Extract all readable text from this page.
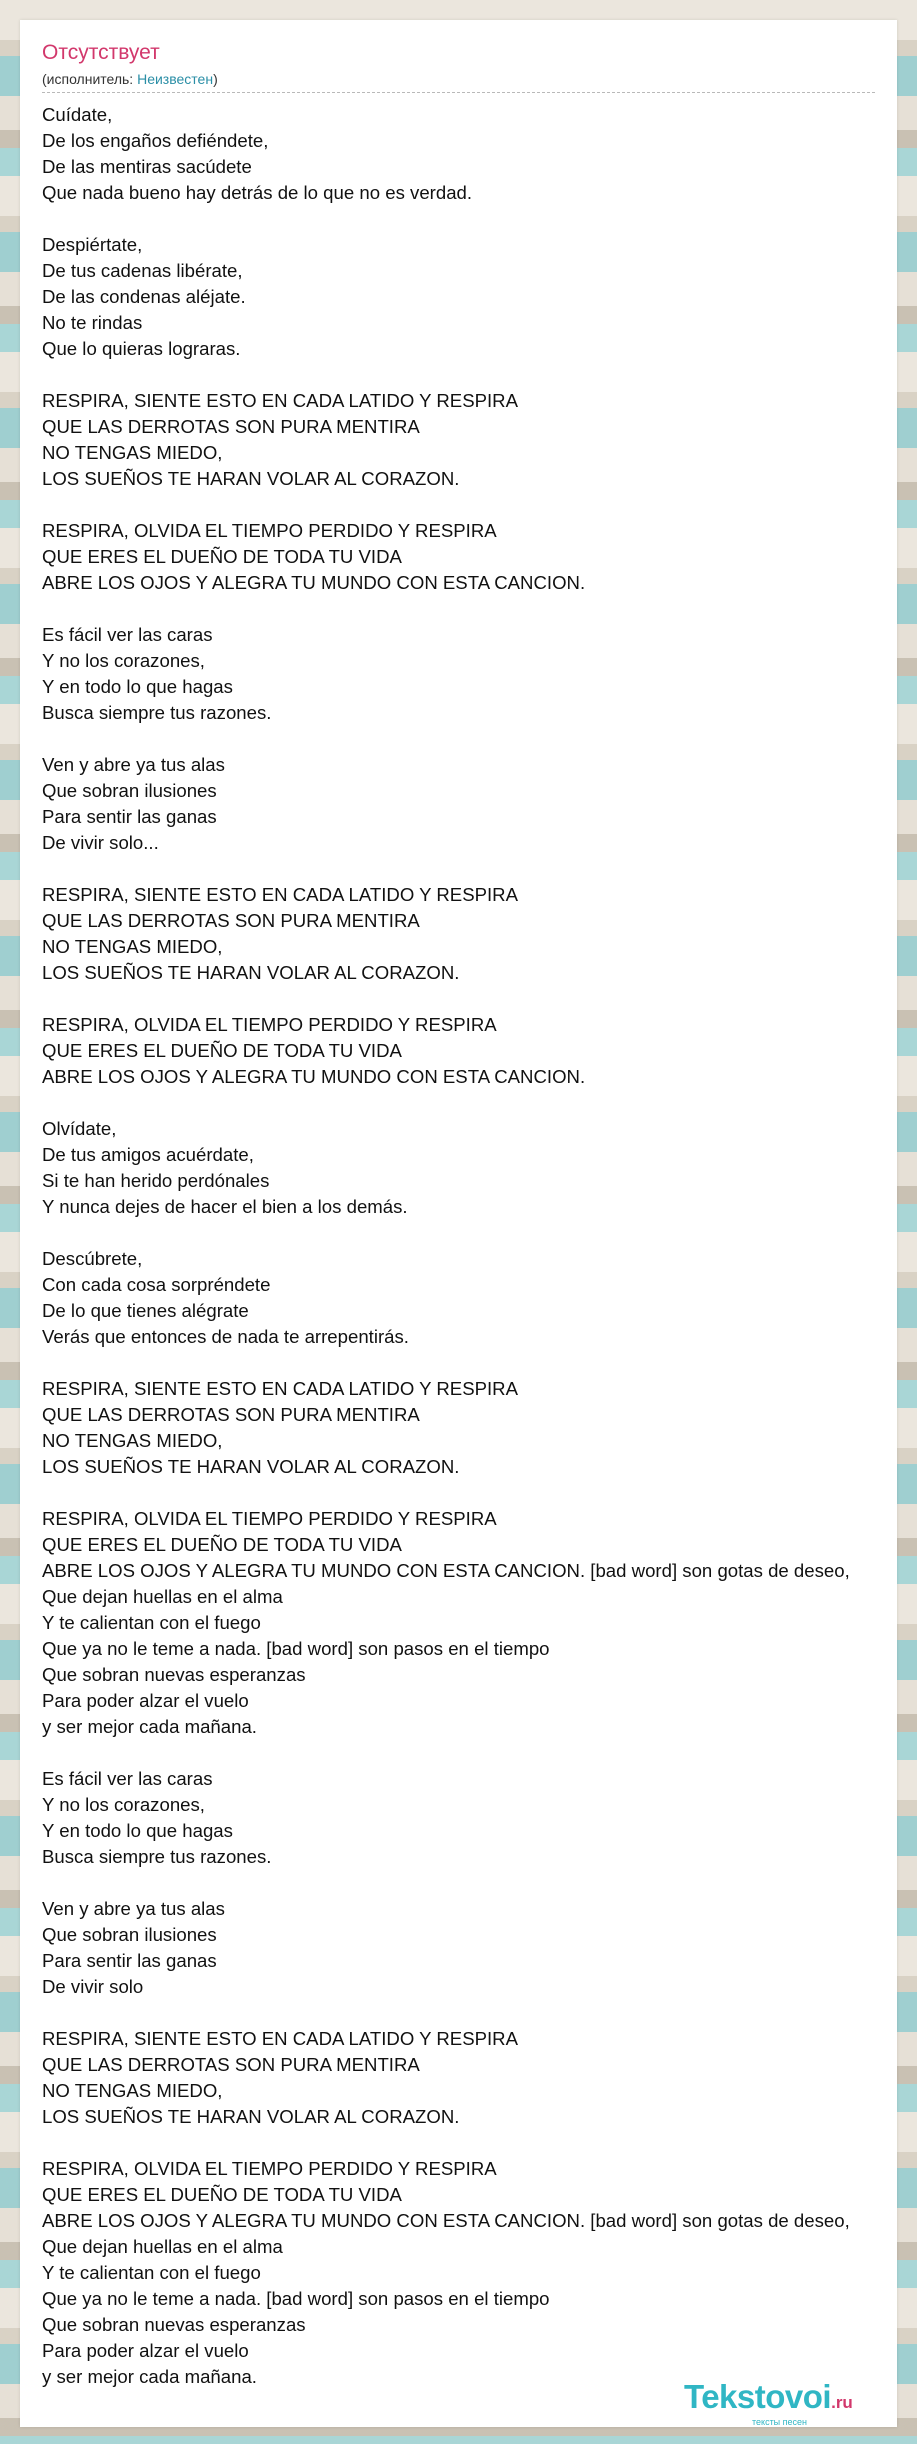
Отсутствует
(исполнитель: Неизвестен)
Cuídate,
De los engaños defiéndete,
De las mentiras sacúdete
Que nada bueno hay detrás de lo que no es verdad.
Despiértate,
De tus cadenas libérate,
De las condenas aléjate.
No te rindas
Que lo quieras lograras.
RESPIRA, SIENTE ESTO EN CADA LATIDO Y RESPIRA
QUE LAS DERROTAS SON PURA MENTIRA
NO TENGAS MIEDO,
LOS SUEÑOS TE HARAN VOLAR AL CORAZON.
RESPIRA, OLVIDA EL TIEMPO PERDIDO Y RESPIRA
QUE ERES EL DUEÑO DE TODA TU VIDA
ABRE LOS OJOS Y ALEGRA TU MUNDO CON ESTA CANCION.
Es fácil ver las caras
Y no los corazones,
Y en todo lo que hagas
Busca siempre tus razones.
Ven y abre ya tus alas
Que sobran ilusiones
Para sentir las ganas
De vivir solo...
RESPIRA, SIENTE ESTO EN CADA LATIDO Y RESPIRA
QUE LAS DERROTAS SON PURA MENTIRA
NO TENGAS MIEDO,
LOS SUEÑOS TE HARAN VOLAR AL CORAZON.
RESPIRA, OLVIDA EL TIEMPO PERDIDO Y RESPIRA
QUE ERES EL DUEÑO DE TODA TU VIDA
ABRE LOS OJOS Y ALEGRA TU MUNDO CON ESTA CANCION.
Olvídate,
De tus amigos acuérdate,
Si te han herido perdónales
Y nunca dejes de hacer el bien a los demás.
Descúbrete,
Con cada cosa sorpréndete
De lo que tienes alégrate
Verás que entonces de nada te arrepentirás.
RESPIRA, SIENTE ESTO EN CADA LATIDO Y RESPIRA
QUE LAS DERROTAS SON PURA MENTIRA
NO TENGAS MIEDO,
LOS SUEÑOS TE HARAN VOLAR AL CORAZON.
RESPIRA, OLVIDA EL TIEMPO PERDIDO Y RESPIRA
QUE ERES EL DUEÑO DE TODA TU VIDA
ABRE LOS OJOS Y ALEGRA TU MUNDO CON ESTA CANCION. [bad word] son gotas de deseo,
Que dejan huellas en el alma
Y te calientan con el fuego
Que ya no le teme a nada. [bad word] son pasos en el tiempo
Que sobran nuevas esperanzas
Para poder alzar el vuelo
y ser mejor cada mañana.
Es fácil ver las caras
Y no los corazones,
Y en todo lo que hagas
Busca siempre tus razones.
Ven y abre ya tus alas
Que sobran ilusiones
Para sentir las ganas
De vivir solo
RESPIRA, SIENTE ESTO EN CADA LATIDO Y RESPIRA
QUE LAS DERROTAS SON PURA MENTIRA
NO TENGAS MIEDO,
LOS SUEÑOS TE HARAN VOLAR AL CORAZON.
RESPIRA, OLVIDA EL TIEMPO PERDIDO Y RESPIRA
QUE ERES EL DUEÑO DE TODA TU VIDA
ABRE LOS OJOS Y ALEGRA TU MUNDO CON ESTA CANCION. [bad word] son gotas de deseo,
Que dejan huellas en el alma
Y te calientan con el fuego
Que ya no le teme a nada. [bad word] son pasos en el tiempo
Que sobran nuevas esperanzas
Para poder alzar el vuelo
y ser mejor cada mañana.
Tekstovoi.ru
тексты песен
